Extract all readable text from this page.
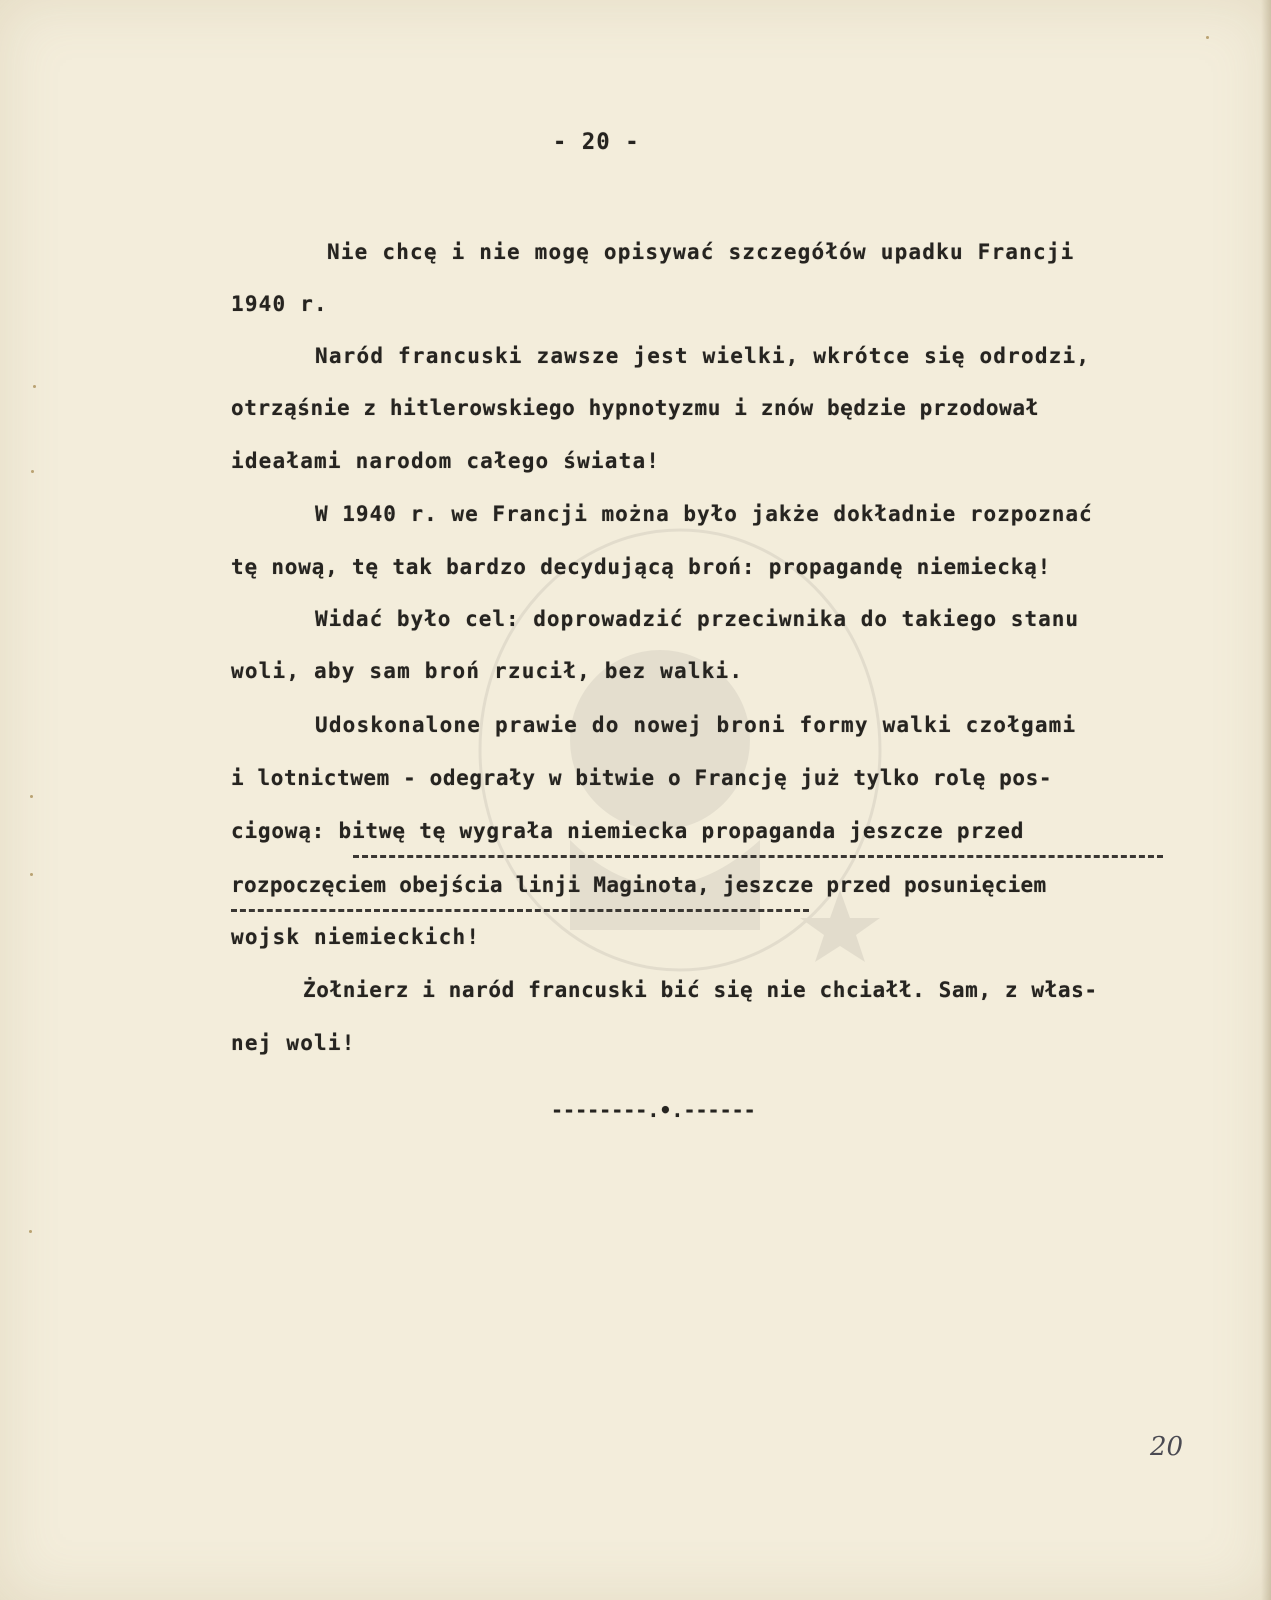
- 20 -
Nie chcę i nie mogę opisywać szczegółów upadku Francji
1940 r.
Naród francuski zawsze jest wielki, wkrótce się odrodzi,
otrząśnie z hitlerowskiego hypnotyzmu i znów będzie przodował
ideałami narodom całego świata!
W 1940 r. we Francji można było jakże dokładnie rozpoznać
tę nową, tę tak bardzo decydującą broń: propagandę niemiecką!
Widać było cel: doprowadzić przeciwnika do takiego stanu
woli, aby sam broń rzucił, bez walki.
Udoskonalone prawie do nowej broni formy walki czołgami
i lotnictwem - odegrały w bitwie o Francję już tylko rolę pos-
cigową: bitwę tę wygrała niemiecka propaganda jeszcze przed
rozpoczęciem obejścia linji Maginota, jeszcze przed posunięciem
wojsk niemieckich!
Żołnierz i naród francuski bić się nie chciałł. Sam, z włas-
nej woli!
--------.•.------
20
